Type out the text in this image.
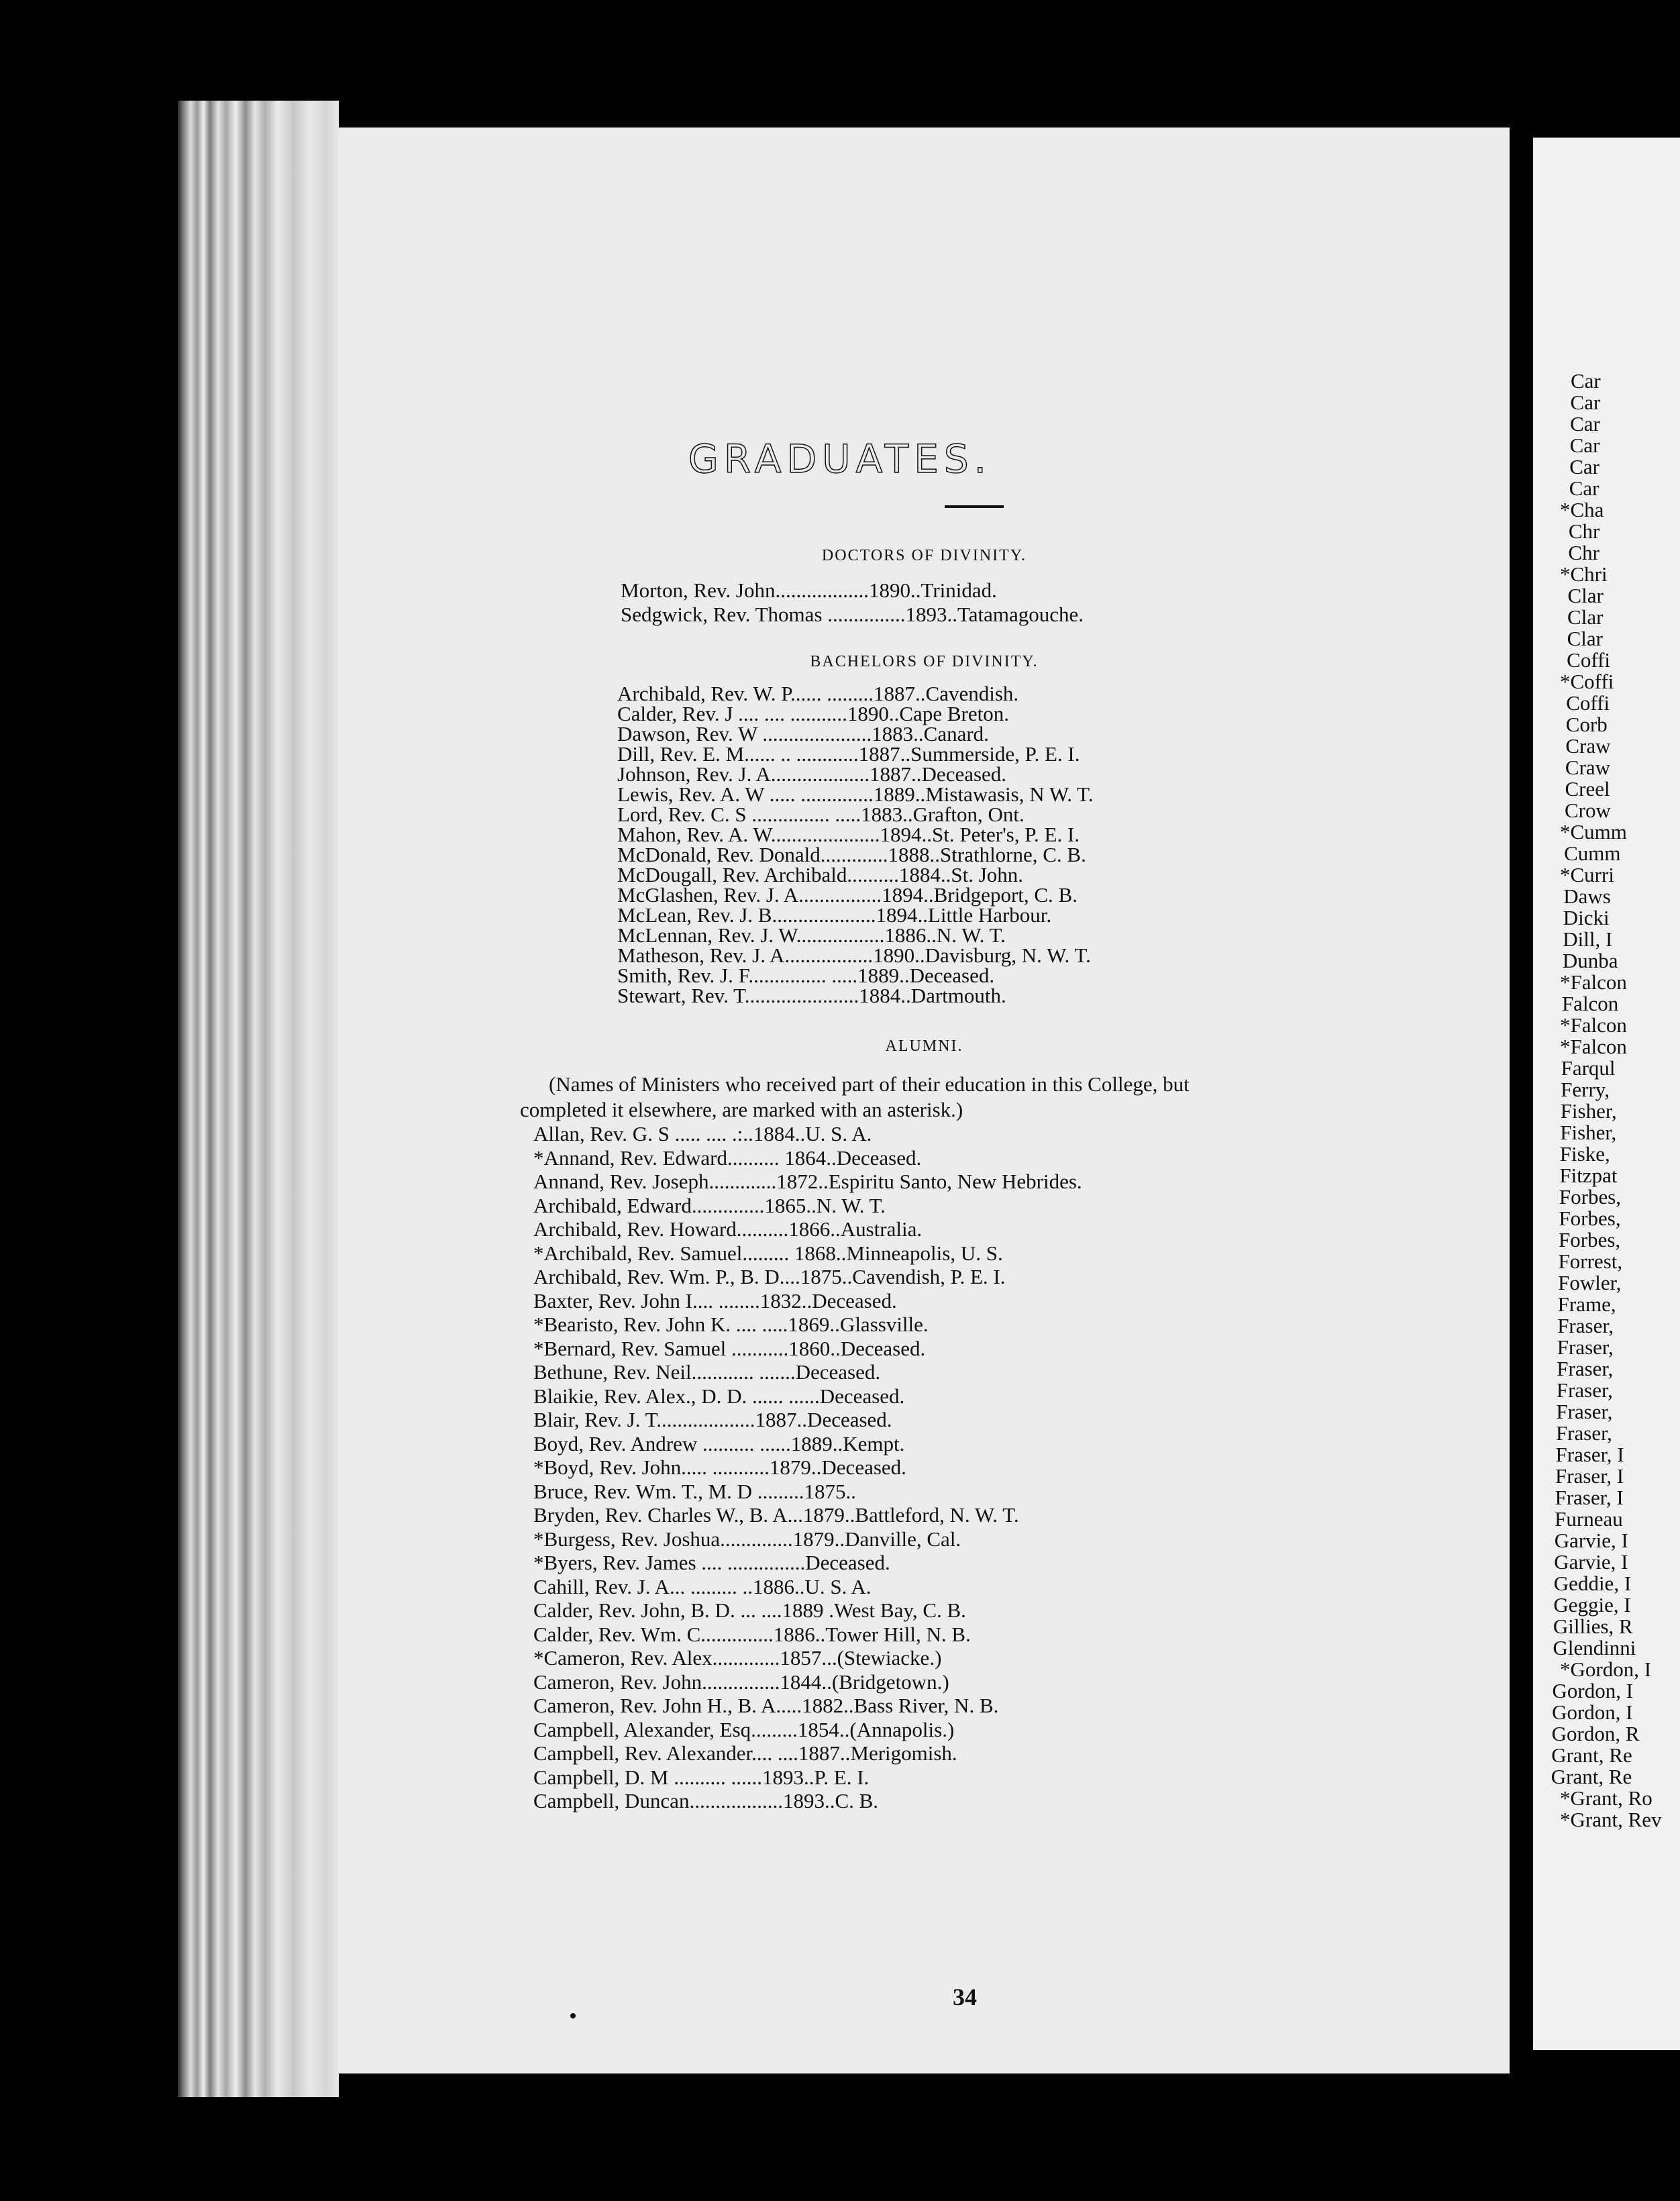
Car
Car
Car
Car
Car
Car
*Cha
Chr
Chr
*Chri
Clar
Clar
Clar
Coffi
*Coffi
Coffi
Corb
Craw
Craw
Creel
Crow
*Cumm
Cumm
*Curri
Daws
Dicki
Dill, I
Dunba
*Falcon
Falcon
*Falcon
*Falcon
Farqul
Ferry,
Fisher,
Fisher,
Fiske,
Fitzpat
Forbes,
Forbes,
Forbes,
Forrest,
Fowler,
Frame,
Fraser,
Fraser,
Fraser,
Fraser,
Fraser,
Fraser,
Fraser, I
Fraser, I
Fraser, I
Furneau
Garvie, I
Garvie, I
Geddie, I
Geggie, I
Gillies, R
Glendinni
*Gordon, I
Gordon, I
Gordon, I
Gordon, R
Grant, Re
Grant, Re
*Grant, Ro
*Grant, Rev
GRADUATES.
DOCTORS OF DIVINITY.
Morton, Rev. John..................1890..Trinidad.
Sedgwick, Rev. Thomas ...............1893..Tatamagouche.
BACHELORS OF DIVINITY.
Archibald, Rev. W. P...... .........1887..Cavendish.
Calder, Rev. J .... .... ...........1890..Cape Breton.
Dawson, Rev. W .....................1883..Canard.
Dill, Rev. E. M...... .. ............1887..Summerside, P. E. I.
Johnson, Rev. J. A...................1887..Deceased.
Lewis, Rev. A. W ..... ..............1889..Mistawasis, N W. T.
Lord, Rev. C. S ............... .....1883..Grafton, Ont.
Mahon, Rev. A. W.....................1894..St. Peter's, P. E. I.
McDonald, Rev. Donald.............1888..Strathlorne, C. B.
McDougall, Rev. Archibald..........1884..St. John.
McGlashen, Rev. J. A................1894..Bridgeport, C. B.
McLean, Rev. J. B....................1894..Little Harbour.
McLennan, Rev. J. W.................1886..N. W. T.
Matheson, Rev. J. A.................1890..Davisburg, N. W. T.
Smith, Rev. J. F............... .....1889..Deceased.
Stewart, Rev. T......................1884..Dartmouth.
ALUMNI.
(Names of Ministers who received part of their education in this College, but
completed it elsewhere, are marked with an asterisk.)
Allan, Rev. G. S ..... .... .:..1884..U. S. A.
*Annand, Rev. Edward.......... 1864..Deceased.
Annand, Rev. Joseph.............1872..Espiritu Santo, New Hebrides.
Archibald, Edward..............1865..N. W. T.
Archibald, Rev. Howard..........1866..Australia.
*Archibald, Rev. Samuel......... 1868..Minneapolis, U. S.
Archibald, Rev. Wm. P., B. D....1875..Cavendish, P. E. I.
Baxter, Rev. John I.... ........1832..Deceased.
*Bearisto, Rev. John K. .... .....1869..Glassville.
*Bernard, Rev. Samuel ...........1860..Deceased.
Bethune, Rev. Neil............ .......Deceased.
Blaikie, Rev. Alex., D. D. ...... ......Deceased.
Blair, Rev. J. T...................1887..Deceased.
Boyd, Rev. Andrew .......... ......1889..Kempt.
*Boyd, Rev. John..... ...........1879..Deceased.
Bruce, Rev. Wm. T., M. D .........1875..
Bryden, Rev. Charles W., B. A...1879..Battleford, N. W. T.
*Burgess, Rev. Joshua..............1879..Danville, Cal.
*Byers, Rev. James .... ...............Deceased.
Cahill, Rev. J. A... ......... ..1886..U. S. A.
Calder, Rev. John, B. D. ... ....1889 .West Bay, C. B.
Calder, Rev. Wm. C..............1886..Tower Hill, N. B.
*Cameron, Rev. Alex.............1857...(Stewiacke.)
Cameron, Rev. John...............1844..(Bridgetown.)
Cameron, Rev. John H., B. A.....1882..Bass River, N. B.
Campbell, Alexander, Esq.........1854..(Annapolis.)
Campbell, Rev. Alexander.... ....1887..Merigomish.
Campbell, D. M .......... ......1893..P. E. I.
Campbell, Duncan..................1893..C. B.
34
